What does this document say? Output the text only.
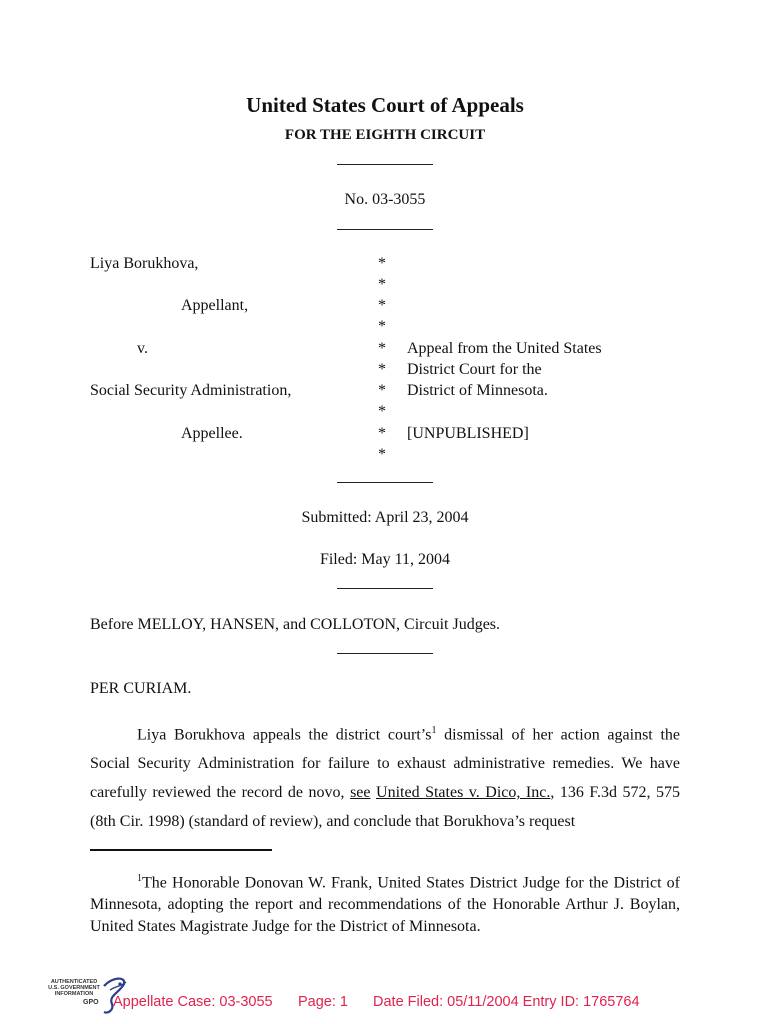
United States Court of Appeals
FOR THE EIGHTH CIRCUIT
No. 03-3055
Liya Borukhova,
Appellant,
v.
Social Security Administration,
Appellee.
*
*
*
*
*
*
*
*
*
*
Appeal from the United States
District Court for the
District of Minnesota.
[UNPUBLISHED]
Submitted: April 23, 2004
Filed: May 11, 2004
Before MELLOY, HANSEN, and COLLOTON, Circuit Judges.
PER CURIAM.
Liya Borukhova appeals the district $court’s^1$ dismissal of her action against the Social Security Administration for failure to exhaust administrative remedies. We have carefully reviewed the record de novo, see United States v. Dico, Inc., 136 F.3d 572, 575 (8th Cir. 1998) (standard of review), and conclude that Borukhova’s request
$^1$The Honorable Donovan W. Frank, United States District Judge for the District of Minnesota, adopting the report and recommendations of the Honorable Arthur J. Boylan, United States Magistrate Judge for the District of Minnesota.
AUTHENTICATED
U.S. GOVERNMENT
INFORMATION
GPO Appellate Case: 03-3055 Page: 1 Date Filed: 05/11/2004 Entry ID: 1765764
